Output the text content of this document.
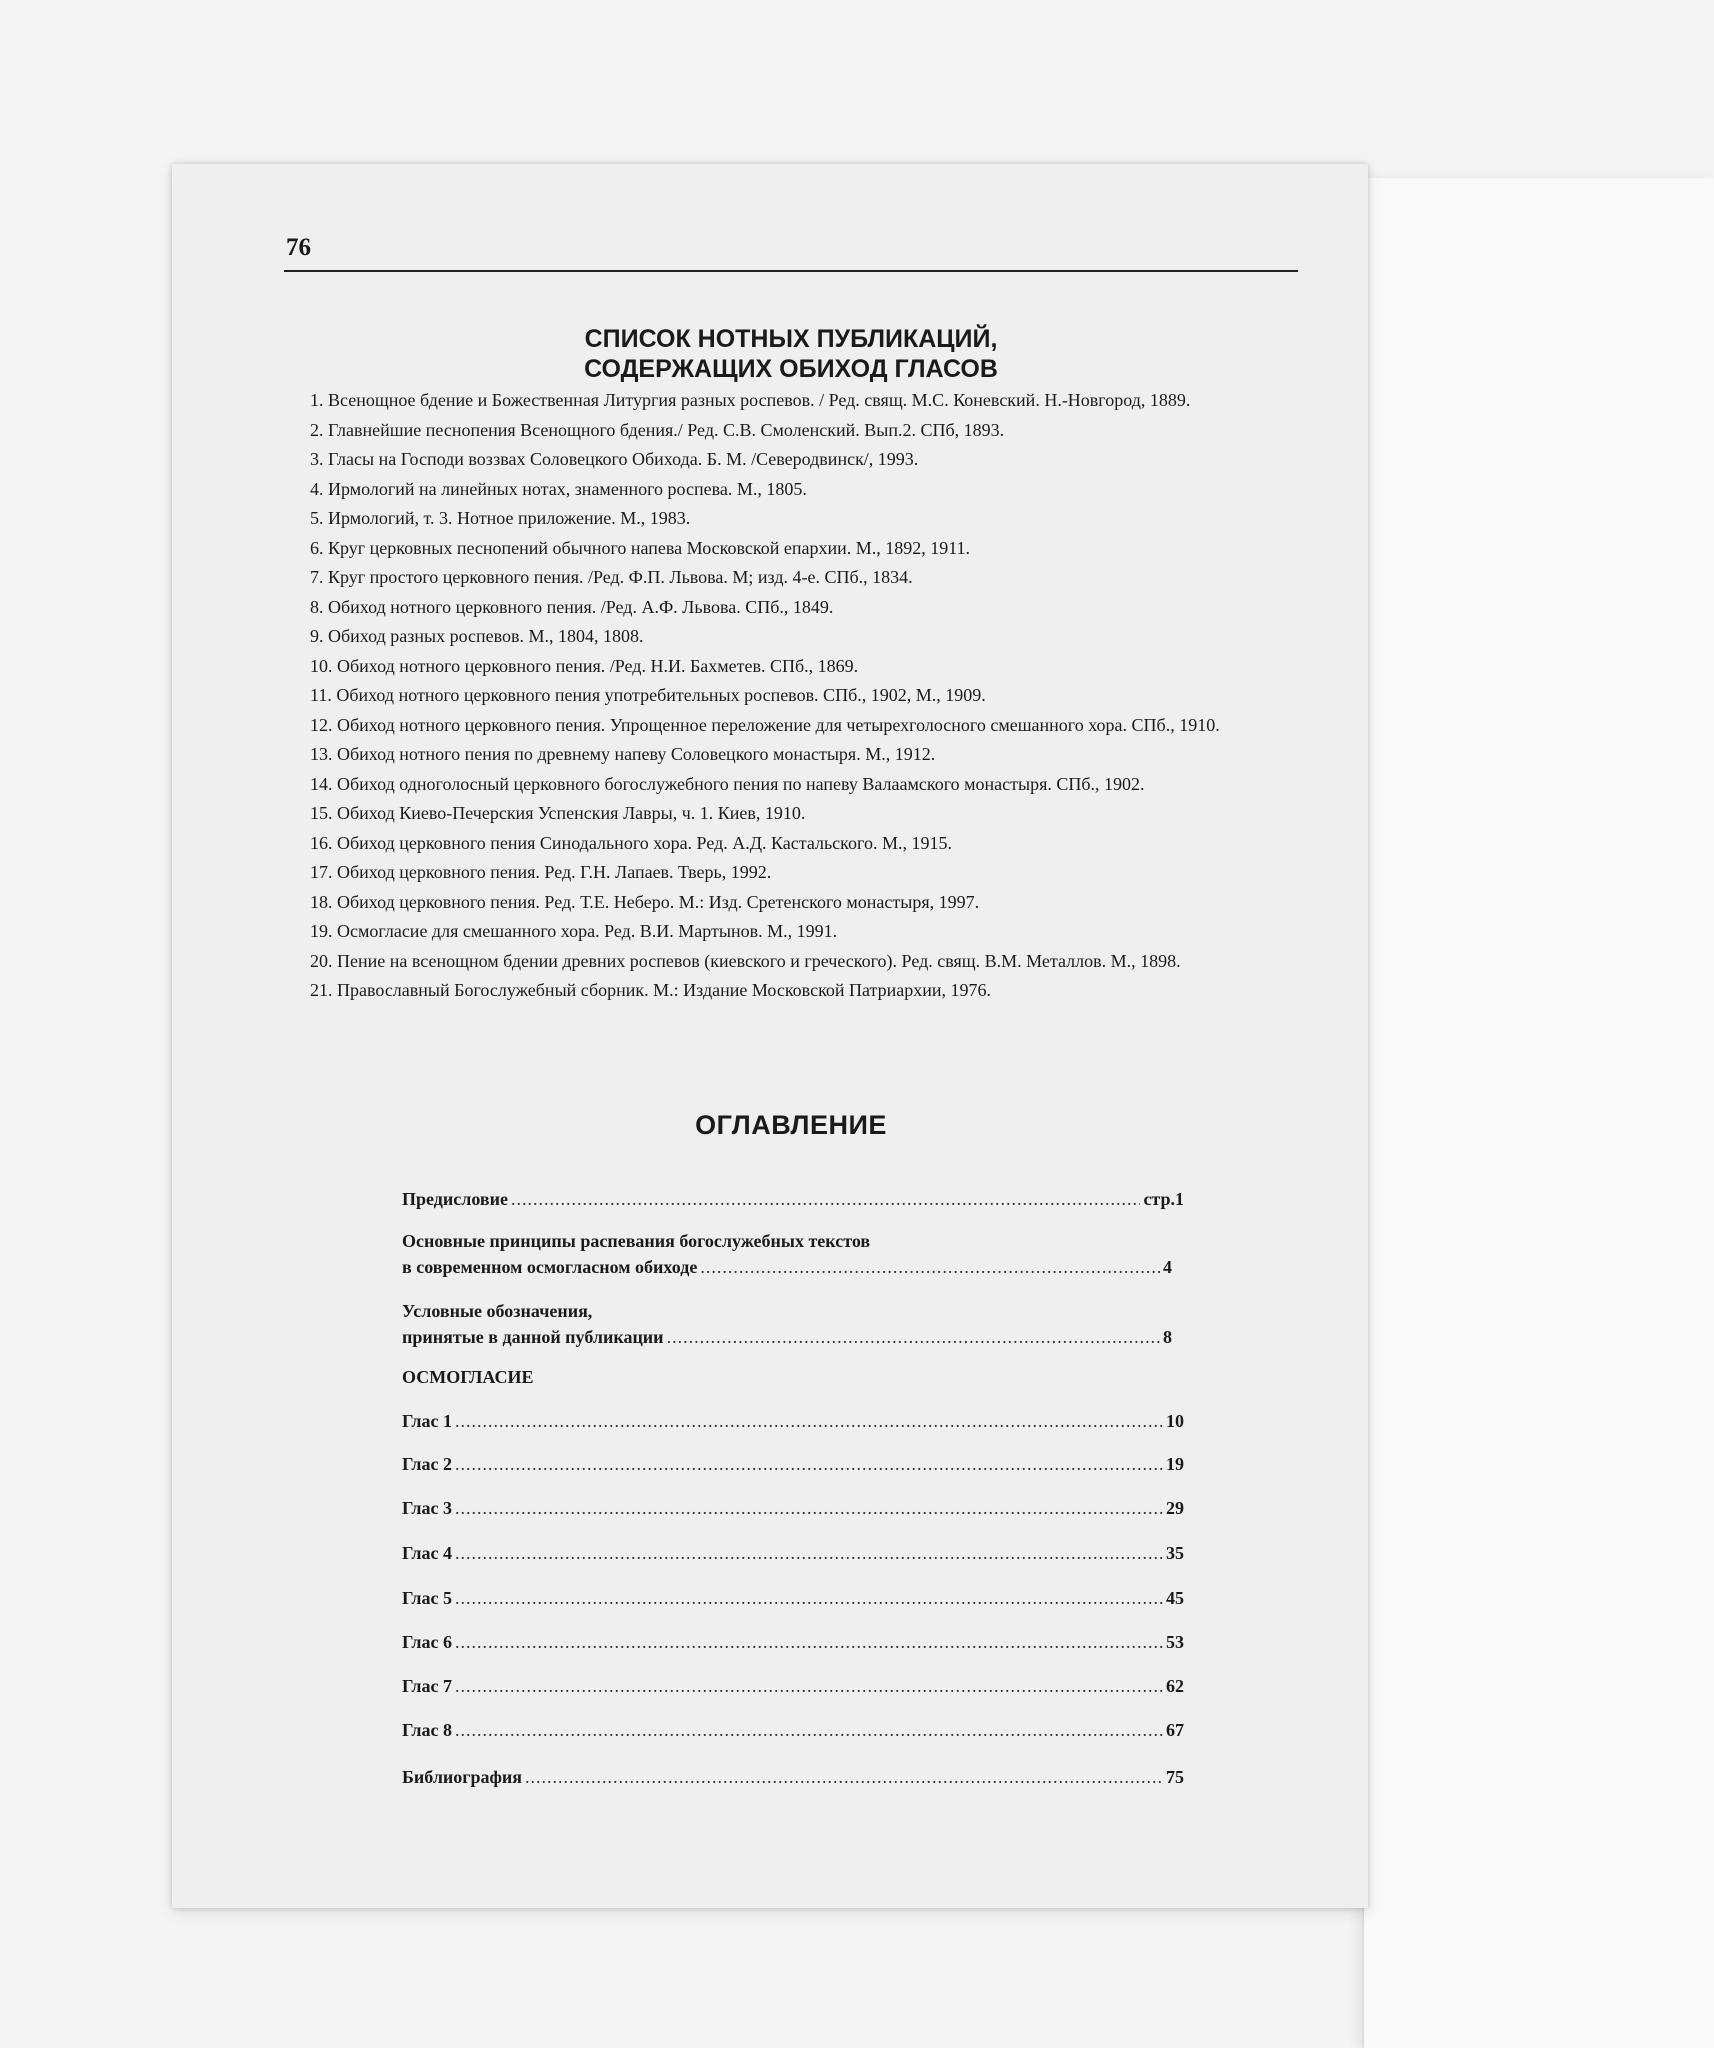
76
СПИСОК НОТНЫХ ПУБЛИКАЦИЙ,
СОДЕРЖАЩИХ ОБИХОД ГЛАСОВ
1. Всенощное бдение и Божественная Литургия разных роспевов. / Ред. свящ. М.С. Коневский. Н.-Новгород, 1889.
2. Главнейшие песнопения Всенощного бдения./ Ред. С.В. Смоленский. Вып.2. СПб, 1893.
3. Гласы на Господи воззвах Соловецкого Обихода. Б. М. /Северодвинск/, 1993.
4. Ирмологий на линейных нотах, знаменного роспева. М., 1805.
5. Ирмологий, т. 3. Нотное приложение. М., 1983.
6. Круг церковных песнопений обычного напева Московской епархии. М., 1892, 1911.
7. Круг простого церковного пения. /Ред. Ф.П. Львова. М; изд. 4-е. СПб., 1834.
8. Обиход нотного церковного пения. /Ред. А.Ф. Львова. СПб., 1849.
9. Обиход разных роспевов. М., 1804, 1808.
10. Обиход нотного церковного пения. /Ред. Н.И. Бахметев. СПб., 1869.
11. Обиход нотного церковного пения употребительных роспевов. СПб., 1902, М., 1909.
12. Обиход нотного церковного пения. Упрощенное переложение для четырехголосного смешанного хора. СПб., 1910.
13. Обиход нотного пения по древнему напеву Соловецкого монастыря. М., 1912.
14. Обиход одноголосный церковного богослужебного пения по напеву Валаамского монастыря. СПб., 1902.
15. Обиход Киево-Печерския Успенския Лавры, ч. 1. Киев, 1910.
16. Обиход церковного пения Синодального хора. Ред. А.Д. Кастальского. М., 1915.
17. Обиход церковного пения. Ред. Г.Н. Лапаев. Тверь, 1992.
18. Обиход церковного пения. Ред. Т.Е. Неберо. М.: Изд. Сретенского монастыря, 1997.
19. Осмогласие для смешанного хора. Ред. В.И. Мартынов. М., 1991.
20. Пение на всенощном бдении древних роспевов (киевского и греческого). Ред. свящ. В.М. Металлов. М., 1898.
21. Православный Богослужебный сборник. М.: Издание Московской Патриархии, 1976.
ОГЛАВЛЕНИЕ
Предисловие .....	стр.1
Основные принципы распевания богослужебных текстов
в современном осмогласном обиходе .....	4
Условные обозначения,
принятые в данной публикации .....	8
ОСМОГЛАСИЕ
Глас 1 .....	10
Глас 2 .....	19
Глас 3 .....	29
Глас 4 .....	35
Глас 5 .....	45
Глас 6 .....	53
Глас 7 .....	62
Глас 8 .....	67
Библиография .....	75
